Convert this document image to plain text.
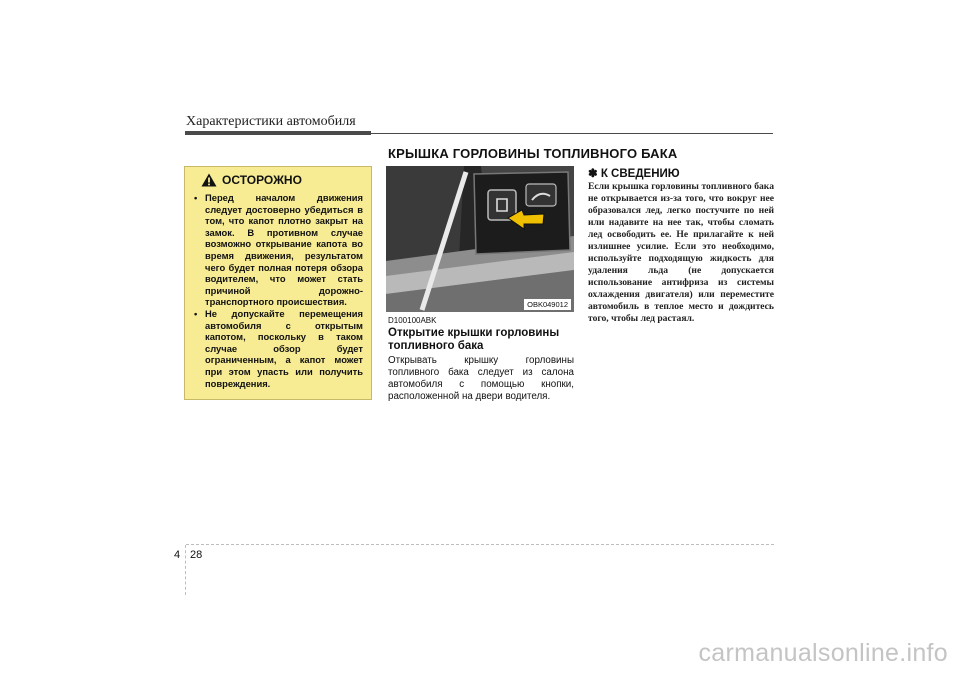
Характеристики автомобиля
КРЫШКА ГОРЛОВИНЫ ТОПЛИВНОГО БАКА
ОСТОРОЖНО
• Перед началом движения следует достоверно убедиться в том, что капот плотно закрыт на замок. В противном случае возможно открывание капота во время движения, результатом чего будет полная потеря обзора водителем, что может стать причиной дорожно-транспортного происшествия.
• Не допускайте перемещения автомобиля с открытым капотом, поскольку в таком случае обзор будет ограниченным, а капот может при этом упасть или получить повреждения.
OBK049012
D100100ABK
Открытие крышки горловины топливного бака
Открывать крышку горловины топливного бака следует из салона автомобиля с помощью кнопки, расположенной на двери водителя.
✽ К СВЕДЕНИЮ
Если крышка горловины топливного бака не открывается из-за того, что вокруг нее образовался лед, легко постучите по ней или надавите на нее так, чтобы сломать лед освободить ее. Не прилагайте к ней излишнее усилие. Если это необходимо, используйте подходящую жидкость для удаления льда (не допускается использование антифриза из системы охлаждения двигателя) или переместите автомобиль в теплое место и дождитесь того, чтобы лед растаял.
4 28
carmanualsonline.info
